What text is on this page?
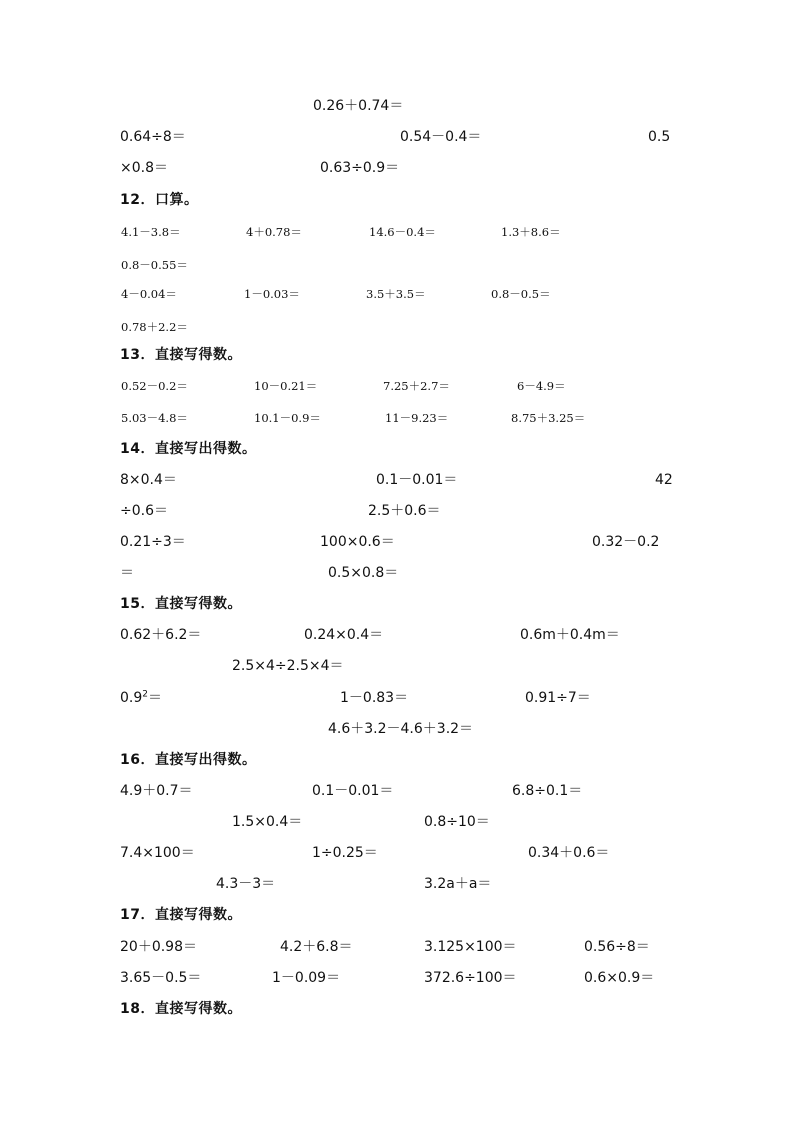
0.26＋0.74＝
0.64÷8＝	0.54－0.4＝	0.5
×0.8＝	0.63÷0.9＝
12．口算。
4.1－3.8＝	4＋0.78＝	14.6－0.4＝	1.3＋8.6＝
0.8－0.55＝
4－0.04＝	1－0.03＝	3.5＋3.5＝	0.8－0.5＝
0.78＋2.2＝
13．直接写得数。
0.52－0.2＝	10－0.21＝	7.25＋2.7＝	6－4.9＝
5.03－4.8＝	10.1－0.9＝	11－9.23＝	8.75＋3.25＝
14．直接写出得数。
8×0.4＝	0.1－0.01＝	42
÷0.6＝	2.5＋0.6＝
0.21÷3＝	100×0.6＝	0.32－0.2
＝	0.5×0.8＝
15．直接写得数。
0.62＋6.2＝	0.24×0.4＝	0.6m＋0.4m＝
2.5×4÷2.5×4＝
$0.9^2=$	1－0.83＝	0.91÷7＝
4.6＋3.2－4.6＋3.2＝
16．直接写出得数。
4.9＋0.7＝	0.1－0.01＝	6.8÷0.1＝
1.5×0.4＝	0.8÷10＝
7.4×100＝	1÷0.25＝	0.34＋0.6＝
4.3－3＝	3.2a＋a＝
17．直接写得数。
20＋0.98＝	4.2＋6.8＝	3.125×100＝	0.56÷8＝
3.65－0.5＝	1－0.09＝	372.6÷100＝	0.6×0.9＝
18．直接写得数。
